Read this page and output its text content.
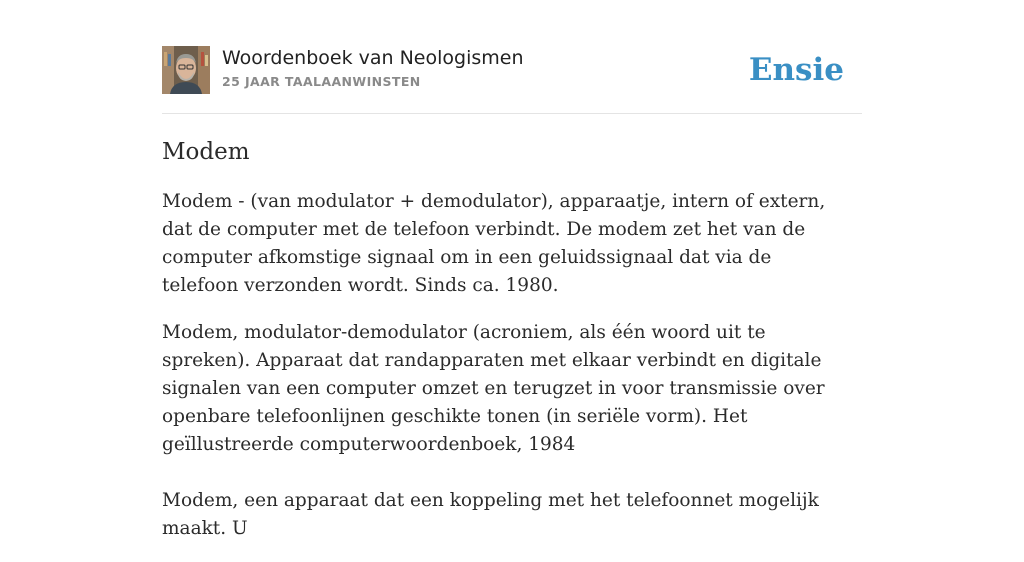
Woordenboek van Neologismen
25 JAAR TAALAANWINSTEN	Ensie
Modem

Modem - (van modulator + demodulator), apparaatje, intern of extern, dat de computer met de telefoon verbindt. De modem zet het van de computer afkomstige signaal om in een geluidssignaal dat via de telefoon verzonden wordt. Sinds ca. 1980.

Modem, modulator-demodulator (acroniem, als één woord uit te spreken). Apparaat dat randapparaten met elkaar verbindt en digitale signalen van een computer omzet en terugzet in voor transmissie over openbare telefoonlijnen geschikte tonen (in seriële vorm). Het geïllustreerde computerwoordenboek, 1984

Modem, een apparaat dat een koppeling met het telefoonnet mogelijk maakt. U
